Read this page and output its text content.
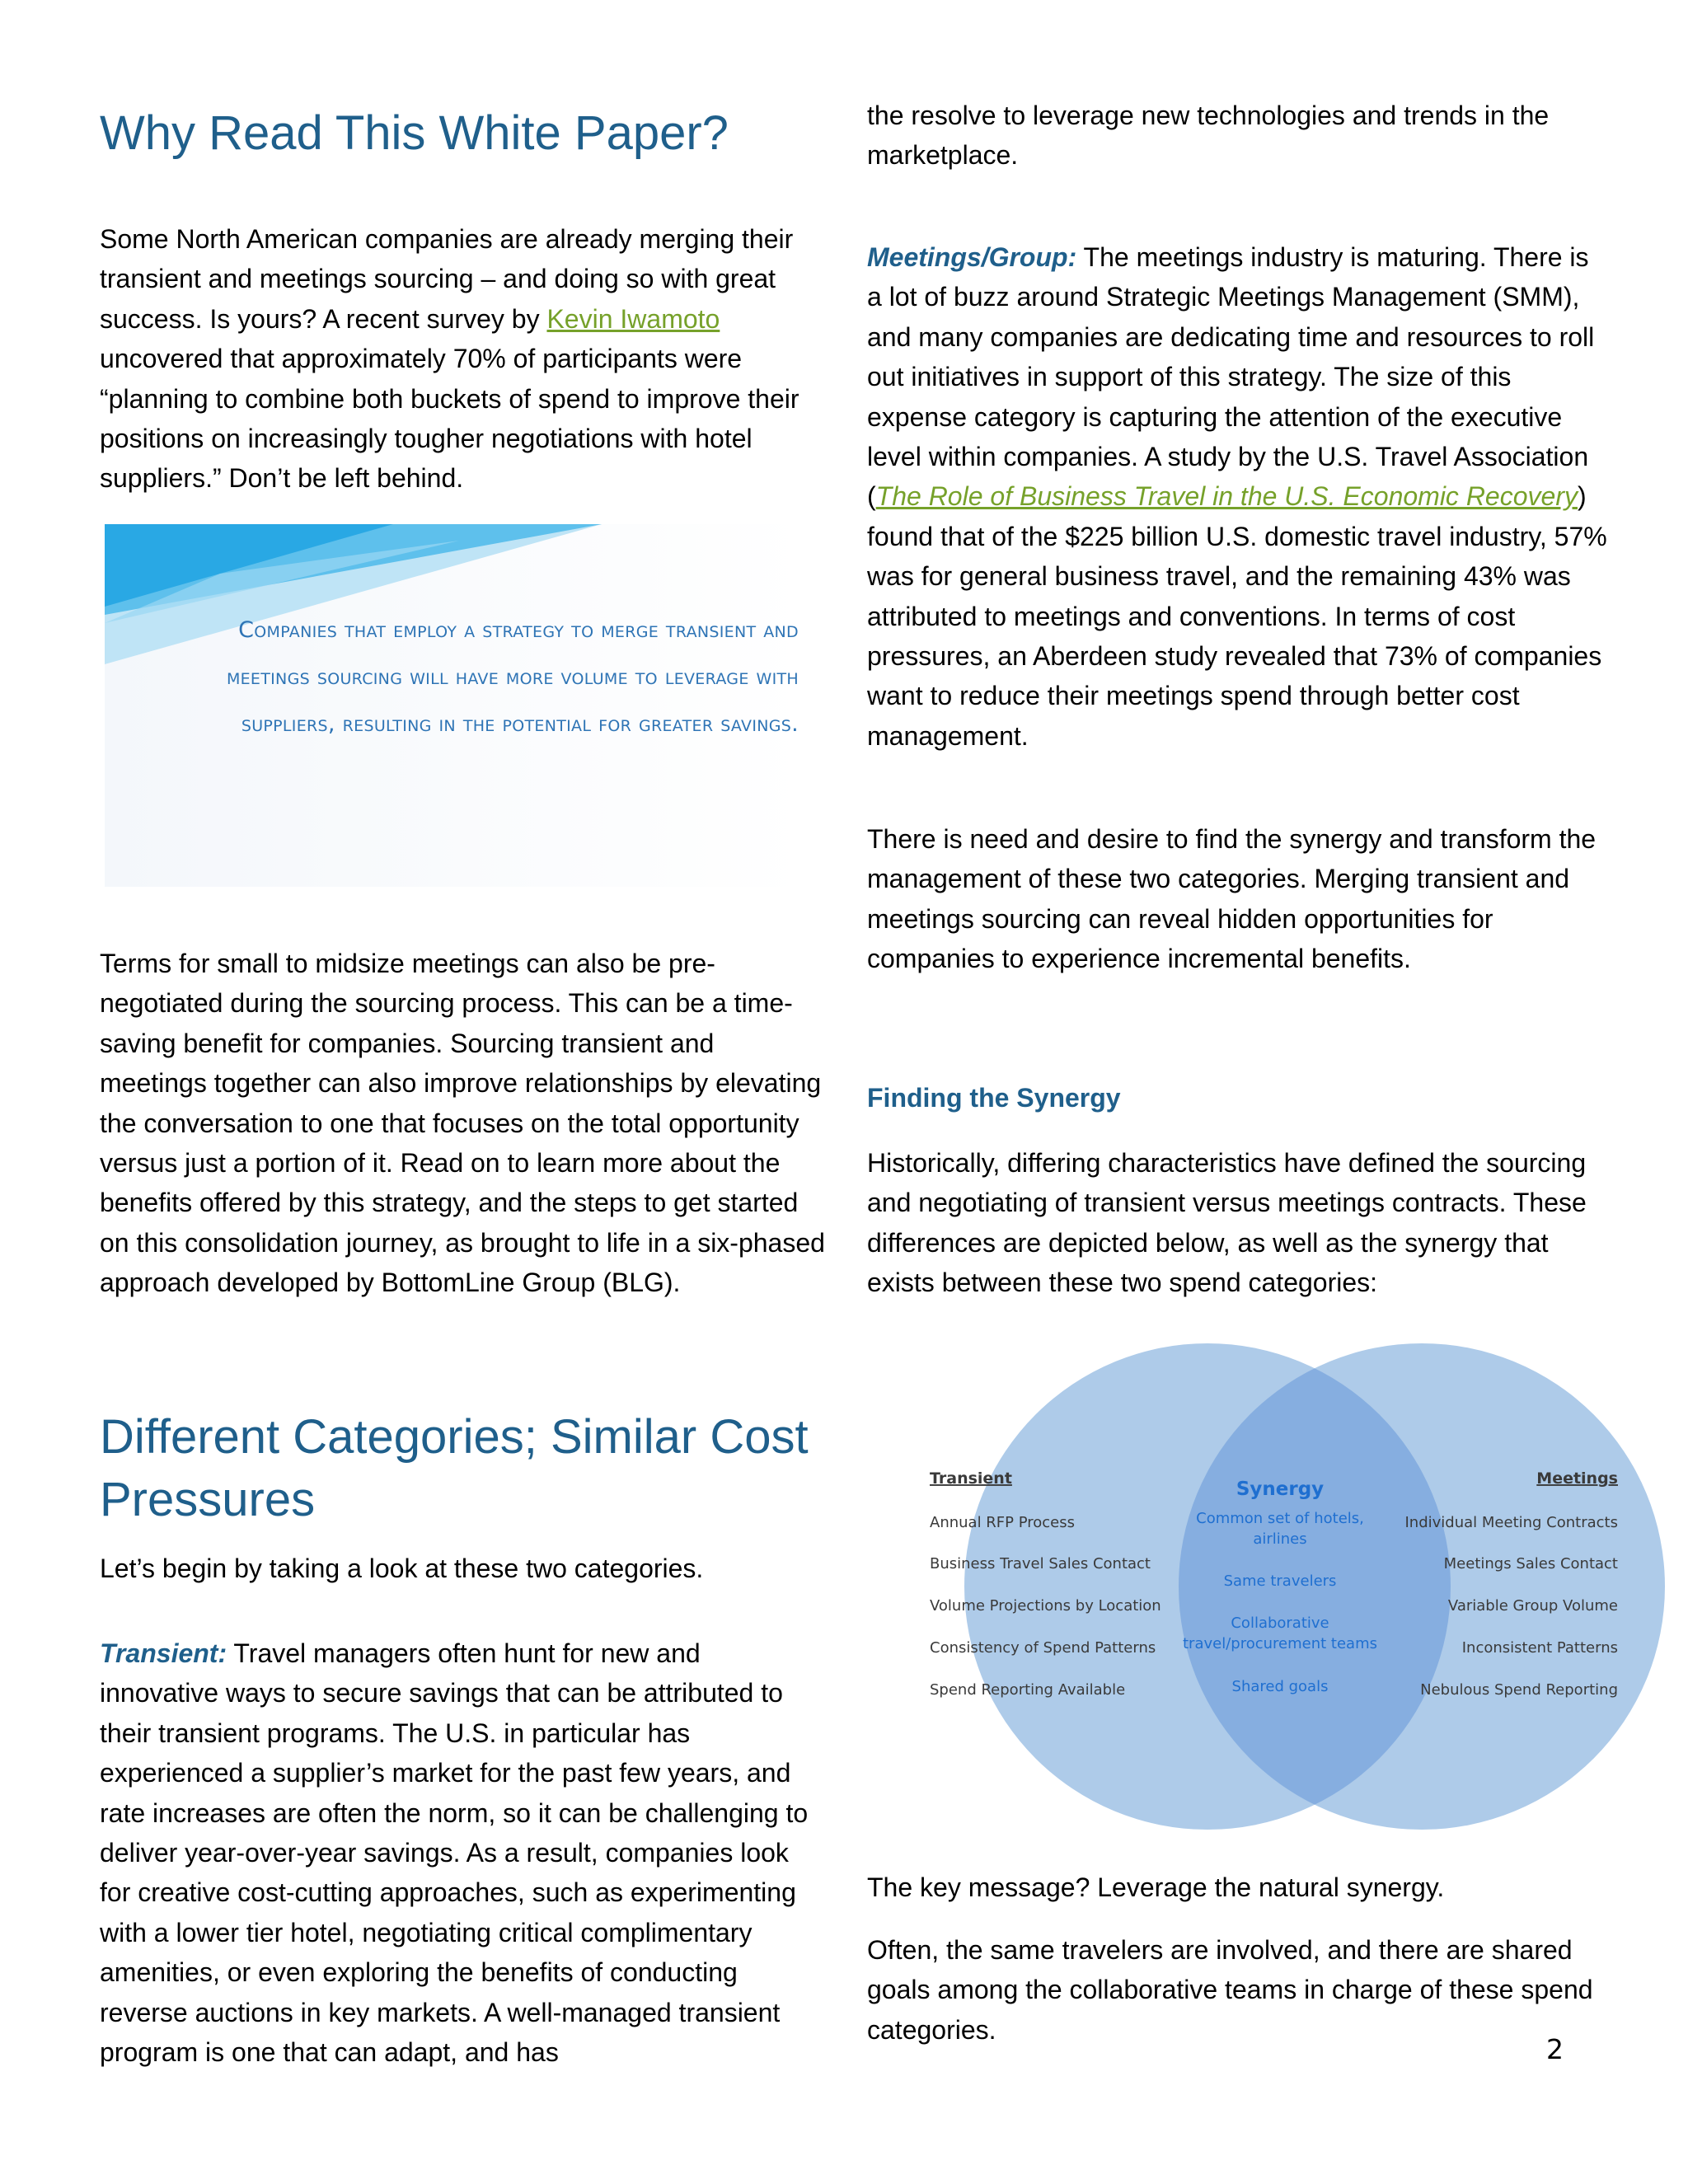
Why Read This White Paper?

Some North American companies are already merging their transient and meetings sourcing – and doing so with great success. Is yours? A recent survey by Kevin Iwamoto uncovered that approximately 70% of participants were “planning to combine both buckets of spend to improve their positions on increasingly tougher negotiations with hotel suppliers.” Don’t be left behind.

Companies that employ a strategy to merge transient and meetings sourcing will have more volume to leverage with suppliers, resulting in the potential for greater savings.

Terms for small to midsize meetings can also be pre-negotiated during the sourcing process. This can be a time-saving benefit for companies. Sourcing transient and meetings together can also improve relationships by elevating the conversation to one that focuses on the total opportunity versus just a portion of it. Read on to learn more about the benefits offered by this strategy, and the steps to get started on this consolidation journey, as brought to life in a six-phased approach developed by BottomLine Group (BLG).

Different Categories; Similar Cost Pressures

Let’s begin by taking a look at these two categories.

Transient: Travel managers often hunt for new and innovative ways to secure savings that can be attributed to their transient programs. The U.S. in particular has experienced a supplier’s market for the past few years, and rate increases are often the norm, so it can be challenging to deliver year-over-year savings. As a result, companies look for creative cost-cutting approaches, such as experimenting with a lower tier hotel, negotiating critical complimentary amenities, or even exploring the benefits of conducting reverse auctions in key markets. A well-managed transient program is one that can adapt, and has

the resolve to leverage new technologies and trends in the marketplace.

Meetings/Group: The meetings industry is maturing. There is a lot of buzz around Strategic Meetings Management (SMM), and many companies are dedicating time and resources to roll out initiatives in support of this strategy. The size of this expense category is capturing the attention of the executive level within companies. A study by the U.S. Travel Association (The Role of Business Travel in the U.S. Economic Recovery) found that of the $225 billion U.S. domestic travel industry, 57% was for general business travel, and the remaining 43% was attributed to meetings and conventions. In terms of cost pressures, an Aberdeen study revealed that 73% of companies want to reduce their meetings spend through better cost management.

There is need and desire to find the synergy and transform the management of these two categories. Merging transient and meetings sourcing can reveal hidden opportunities for companies to experience incremental benefits.

Finding the Synergy

Historically, differing characteristics have defined the sourcing and negotiating of transient versus meetings contracts. These differences are depicted below, as well as the synergy that exists between these two spend categories:

Transient
Annual RFP Process
Business Travel Sales Contact
Volume Projections by Location
Consistency of Spend Patterns
Spend Reporting Available
Synergy
Common set of hotels,
airlines
Same travelers
Collaborative
travel/procurement teams
Shared goals
Meetings
Individual Meeting Contracts
Meetings Sales Contact
Variable Group Volume
Inconsistent Patterns
Nebulous Spend Reporting

The key message? Leverage the natural synergy.

Often, the same travelers are involved, and there are shared goals among the collaborative teams in charge of these spend categories.

2
